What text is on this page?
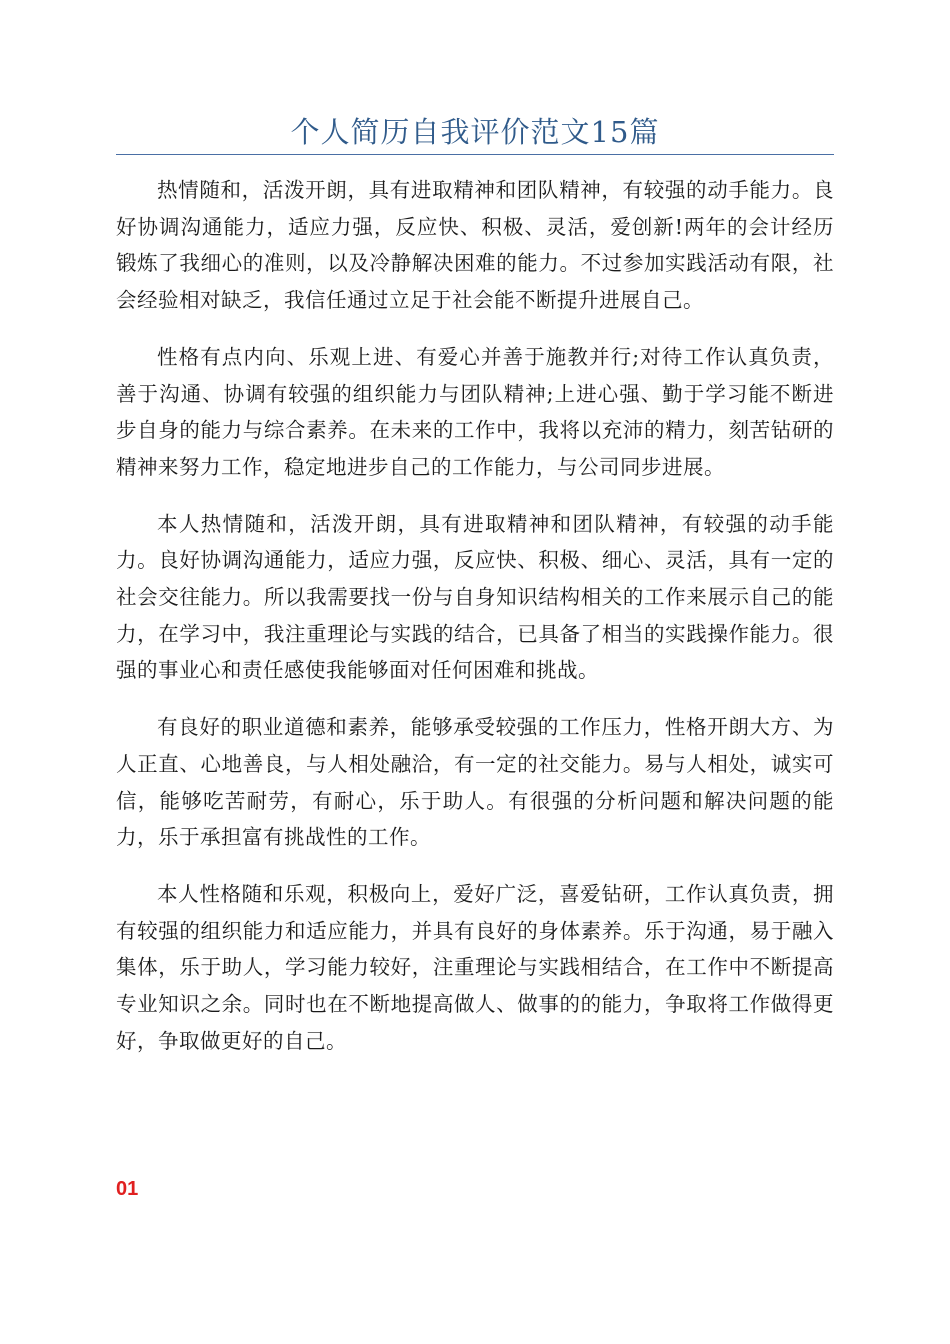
个人简历自我评价范文15篇

热情随和，活泼开朗，具有进取精神和团队精神，有较强的动手能力。良好协调沟通能力，适应力强，反应快、积极、灵活，爱创新!两年的会计经历锻炼了我细心的准则，以及冷静解决困难的能力。不过参加实践活动有限，社会经验相对缺乏，我信任通过立足于社会能不断提升进展自己。

性格有点内向、乐观上进、有爱心并善于施教并行;对待工作认真负责，善于沟通、协调有较强的组织能力与团队精神;上进心强、勤于学习能不断进步自身的能力与综合素养。在未来的工作中，我将以充沛的精力，刻苦钻研的精神来努力工作，稳定地进步自己的工作能力，与公司同步进展。

本人热情随和，活泼开朗，具有进取精神和团队精神，有较强的动手能力。良好协调沟通能力，适应力强，反应快、积极、细心、灵活，具有一定的社会交往能力。所以我需要找一份与自身知识结构相关的工作来展示自己的能力，在学习中，我注重理论与实践的结合，已具备了相当的实践操作能力。很强的事业心和责任感使我能够面对任何困难和挑战。

有良好的职业道德和素养，能够承受较强的工作压力，性格开朗大方、为人正直、心地善良，与人相处融洽，有一定的社交能力。易与人相处，诚实可信，能够吃苦耐劳，有耐心，乐于助人。有很强的分析问题和解决问题的能力，乐于承担富有挑战性的工作。

本人性格随和乐观，积极向上，爱好广泛，喜爱钻研，工作认真负责，拥有较强的组织能力和适应能力，并具有良好的身体素养。乐于沟通，易于融入集体，乐于助人，学习能力较好，注重理论与实践相结合，在工作中不断提高专业知识之余。同时也在不断地提高做人、做事的的能力，争取将工作做得更好，争取做更好的自己。

01
